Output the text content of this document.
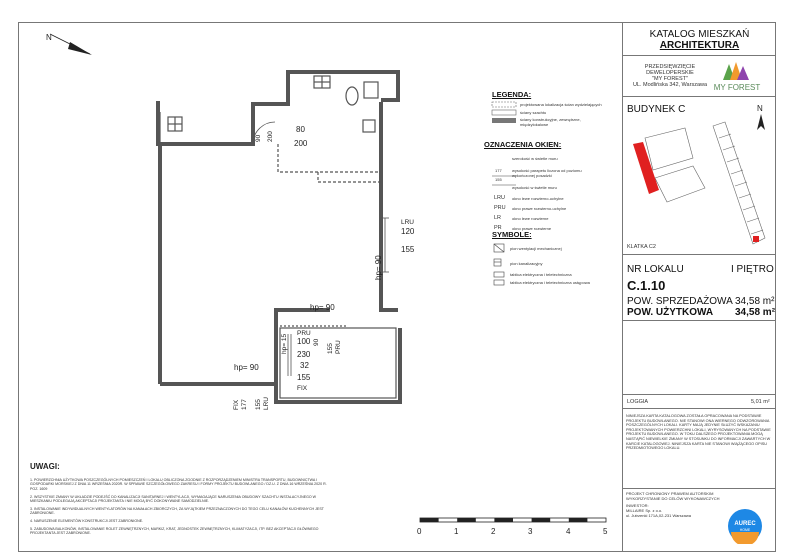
N
90 200
80
200
hp= 90
LRU
120
155
hp= 90
hp= 15
PRU
100 90
155 PRU
230
32
hp= 90
155
FIX
FIX 177 155 LRU
0	1	2	3	4	5
LEGENDA:
projektowana lokalizacja ścian wydzielających
ściany szachtu
ściany konstrukcyjne, zewnętrzne, międzylokalowe
OZNACZENIA OKIEN:
szerokość w świetle muru
177
155
wysokość parapetu liczona od poziomu wykończonej posadzki
wysokość w świetle muru
LRU okno lewe rozwierno-uchylne
PRU okno prawe rozwierno-uchylne
LR	okno lewe rozwierne
PR	okno prawe rozwierne
SYMBOLE:
pion wentylacji mechanicznej
pion kanalizacyjny
tablica elektryczna i teletechniczna
tablica elektryczna i teletechniczna ustępowa
UWAGI:
1. POWIERZCHNIA UŻYTKOWA POSZCZEGÓLNYCH POMIESZCZEŃ I LOKALU OBLICZONA ZGODNIE Z ROZPORZĄDZENIEM MINISTRA TRANSPORTU, BUDOWNICTWA I GOSPODARKI MORSKIEJ Z DNIA 11 WRZEŚNIA 2020R. W SPRAWIE SZCZEGÓŁOWEGO ZAKRESU I FORMY PROJEKTU BUDOWLANEGO / DZ.U. Z DNIA 16 WRZEŚNIA 2020 R. POZ. 1609
2. WSZYSTKIE ZMIANY W UKŁADZIE PODEJŚĆ DO KANALIZACJI SANITARNEJ I WENTYLACJI, WYMAGAJĄCE NARUSZENIA OBUDOWY SZACHTU INSTALACYJNEGO W MIESZKANIU PODLEGAJĄ AKCEPTACJI PROJEKTANTA I NIE MOGĄ BYĆ DOKONYWANE SAMODZIELNIE.
3. INSTALOWANIE INDYWIDUALNYCH WENTYLATORÓW NA KANAŁACH ZBIORCZYCH, ZA WYJĄTKIEM PRZEZNACZONYCH DO TEGO CELU KANAŁÓW KUCHENNYCH JEST ZABRONIONE.
4. NARUSZENIE ELEMENTÓW KONSTRUKCJI JEST ZABRONIONE.
5. ZABUDOWA BALKONÓW, INSTALOWANIE ROLET ZEWNĘTRZNYCH, MARKIZ, KRAT, JEDNOSTEK ZEWNĘTRZNYCH, KLIMATYZACJI, ITP. BEZ AKCEPTACJI GŁÓWNEGO PROJEKTANTA JEST ZABRONIONE.
KATALOG MIESZKAŃ
ARCHITEKTURA
PRZEDSIĘWZIĘCIE
DEWELOPERSKIE
"MY FOREST"
UL. Modlińska 342, Warszawa MY FOREST
BUDYNEK C	N
KLATKA C2
NR LOKALU	I PIĘTRO
C.1.10
POW. SPRZEDAŻOWA 34,58 m²
POW. UŻYTKOWA 34,58 m²
LOGGIA	5,01 m²
NINIEJSZA KARTA KATALOGOWA ZOSTAŁA OPRACOWANA NA PODSTAWIE PROJEKTU BUDOWLANEGO. NIE STANOWI ONA WIERNEGO ODWZOROWANIA POSZCZEGÓLNYCH LOKALI. KARTY MAJĄ JEDYNIE SŁUŻYĆ WSKAZANIU PROJEKTOWANYCH POWIERZCHNI LOKALI, WYRYSOWANYCH NA PODSTAWIE PROJEKTU BUDOWLANEGO. W TOKU DALSZEGO PROJEKTOWANIA MOGĄ NASTĄPIĆ NIEWIELKIE ZMIANY W STOSUNKU DO INFORMACJI ZAWARTYCH W KARCIE KATALOGOWEJ. NINIEJSZA KARTA NIE STANOWI WIĄŻĄCEGO OPISU PRZEDMIOTOWEGO LOKALU.
PROJEKT CHRONIONY PRAWEM AUTORSKIM
WYKORZYSTANIE DO CELÓW WYKONAWCZYCH
INWESTOR:
MILLAIRE Sp. z o.o.
ul. Jutrzenki 171A,02-231 Warszawa
AUREC
HOME
